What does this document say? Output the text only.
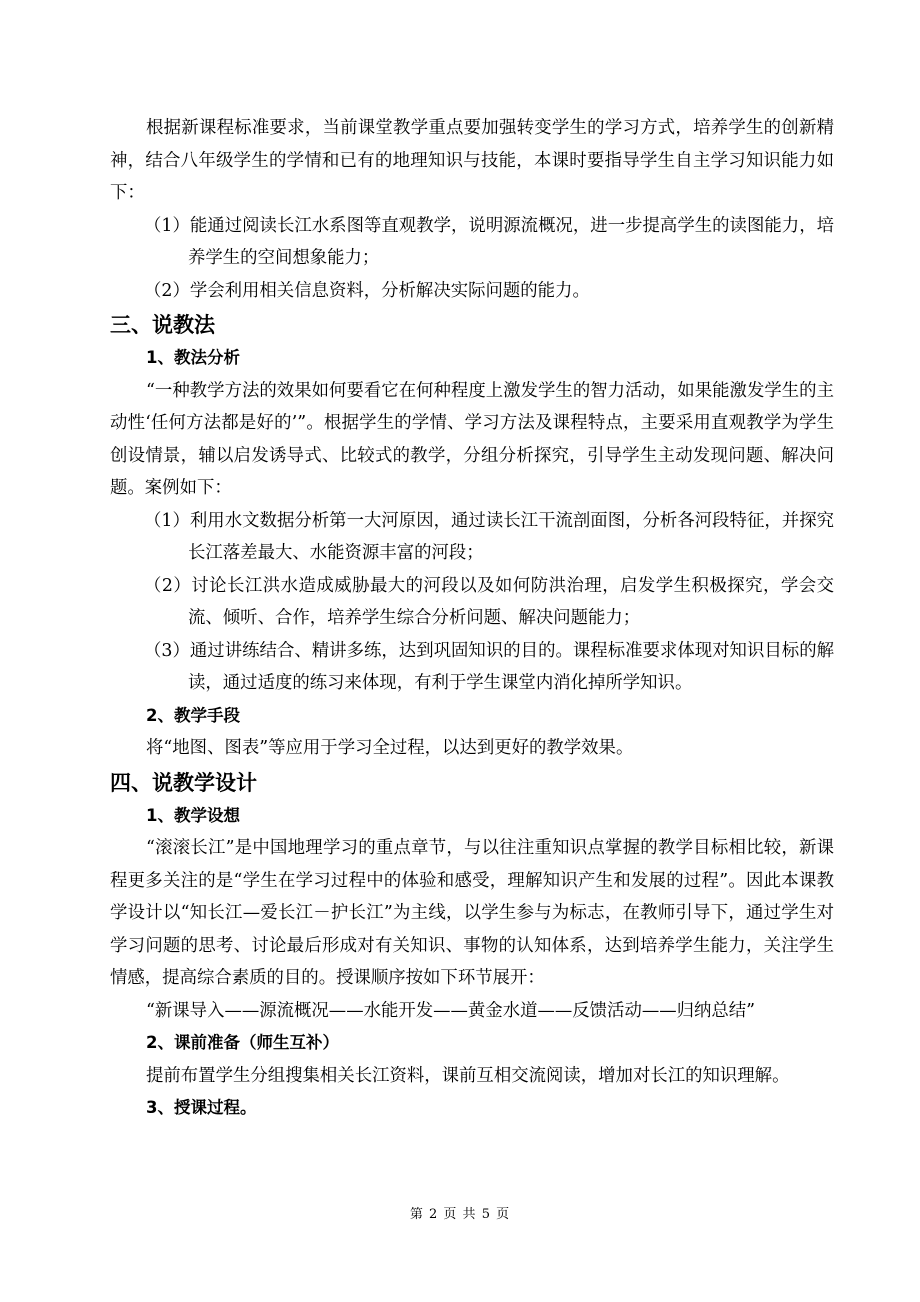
根据新课程标准要求，当前课堂教学重点要加强转变学生的学习方式，培养学生的创新精神，结合八年级学生的学情和已有的地理知识与技能，本课时要指导学生自主学习知识能力如下：

（1）能通过阅读长江水系图等直观教学，说明源流概况，进一步提高学生的读图能力，培养学生的空间想象能力；

（2）学会利用相关信息资料，分析解决实际问题的能力。

三、说教法

1、教法分析

“一种教学方法的效果如何要看它在何种程度上激发学生的智力活动，如果能激发学生的主动性‘任何方法都是好的’”。根据学生的学情、学习方法及课程特点，主要采用直观教学为学生创设情景，辅以启发诱导式、比较式的教学，分组分析探究，引导学生主动发现问题、解决问题。案例如下：

（1）利用水文数据分析第一大河原因，通过读长江干流剖面图，分析各河段特征，并探究长江落差最大、水能资源丰富的河段；

（2）讨论长江洪水造成威胁最大的河段以及如何防洪治理，启发学生积极探究，学会交流、倾听、合作，培养学生综合分析问题、解决问题能力；

（3）通过讲练结合、精讲多练，达到巩固知识的目的。课程标准要求体现对知识目标的解读，通过适度的练习来体现，有利于学生课堂内消化掉所学知识。

2、教学手段

将“地图、图表”等应用于学习全过程，以达到更好的教学效果。

四、说教学设计

1、教学设想

“滚滚长江”是中国地理学习的重点章节，与以往注重知识点掌握的教学目标相比较，新课程更多关注的是“学生在学习过程中的体验和感受，理解知识产生和发展的过程”。因此本课教学设计以“知长江—爱长江－护长江”为主线，以学生参与为标志，在教师引导下，通过学生对学习问题的思考、讨论最后形成对有关知识、事物的认知体系，达到培养学生能力，关注学生情感，提高综合素质的目的。授课顺序按如下环节展开：

“新课导入——源流概况——水能开发——黄金水道——反馈活动——归纳总结”

2、课前准备（师生互补）

提前布置学生分组搜集相关长江资料，课前互相交流阅读，增加对长江的知识理解。

3、授课过程。

第 2 页 共 5 页
